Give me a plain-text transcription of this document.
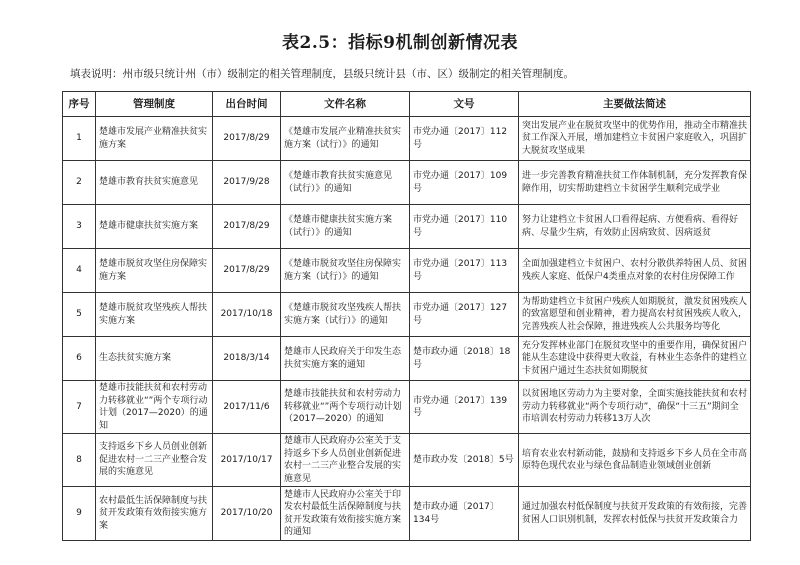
表2.5：指标9机制创新情况表
填表说明：州市级只统计州（市）级制定的相关管理制度，县级只统计县（市、区）级制定的相关管理制度。
序号	管理制度	出台时间	文件名称	文号	主要做法简述
1	楚雄市发展产业精准扶贫实施方案	2017/8/29	《楚雄市发展产业精准扶贫实施方案（试行）》的通知	市党办通〔2017〕112号	突出发展产业在脱贫攻坚中的优势作用，推动全市精准扶贫工作深入开展，增加建档立卡贫困户家庭收入，巩固扩大脱贫攻坚成果
2	楚雄市教育扶贫实施意见	2017/9/28	《楚雄市教育扶贫实施意见（试行）》的通知	市党办通〔2017〕109号	进一步完善教育精准扶贫工作体制机制，充分发挥教育保障作用，切实帮助建档立卡贫困学生顺利完成学业
3	楚雄市健康扶贫实施方案	2017/8/29	《楚雄市健康扶贫实施方案（试行）》的通知	市党办通〔2017〕110号	努力让建档立卡贫困人口看得起病、方便看病、看得好病、尽量少生病，有效防止因病致贫、因病返贫
4	楚雄市脱贫攻坚住房保障实施方案	2017/8/29	《楚雄市脱贫攻坚住房保障实施方案（试行）》的通知	市党办通〔2017〕113号	全面加强建档立卡贫困户、农村分散供养特困人员、贫困残疾人家庭、低保户4类重点对象的农村住房保障工作
5	楚雄市脱贫攻坚残疾人帮扶实施方案	2017/10/18	《楚雄市脱贫攻坚残疾人帮扶实施方案（试行）》的通知	市党办通〔2017〕127号	为帮助建档立卡贫困户残疾人如期脱贫，激发贫困残疾人的致富愿望和创业精神，着力提高农村贫困残疾人收入，完善残疾人社会保障，推进残疾人公共服务均等化
6	生态扶贫实施方案	2018/3/14	楚雄市人民政府关于印发生态扶贫实施方案的通知	楚市政办通〔2018〕18号	充分发挥林业部门在脱贫攻坚中的重要作用，确保贫困户能从生态建设中获得更大收益，有林业生态条件的建档立卡贫困户通过生态扶贫如期脱贫
7	楚雄市技能扶贫和农村劳动力转移就业“”两个专项行动计划（2017—2020）的通知	2017/11/6	楚雄市技能扶贫和农村劳动力转移就业“”两个专项行动计划（2017—2020）的通知	市党办通〔2017〕139号	以贫困地区劳动力为主要对象，全面实施技能扶贫和农村劳动力转移就业“两个专项行动”，确保“十三五”期间全市培训农村劳动力转移13万人次
8	支持返乡下乡人员创业创新促进农村一二三产业整合发展的实施意见	2017/10/17	楚雄市人民政府办公室关于支持返乡下乡人员创业创新促进农村一二三产业整合发展的实施意见	楚市政办发〔2018〕5号	培育农业农村新动能，鼓励和支持返乡下乡人员在全市高原特色现代农业与绿色食品制造业领域创业创新
9	农村最低生活保障制度与扶贫开发政策有效衔接实施方案	2017/10/20	楚雄市人民政府办公室关于印发农村最低生活保障制度与扶贫开发政策有效衔接实施方案的通知	楚市政办通〔2017〕134号	通过加强农村低保制度与扶贫开发政策的有效衔接，完善贫困人口识别机制，发挥农村低保与扶贫开发政策合力
